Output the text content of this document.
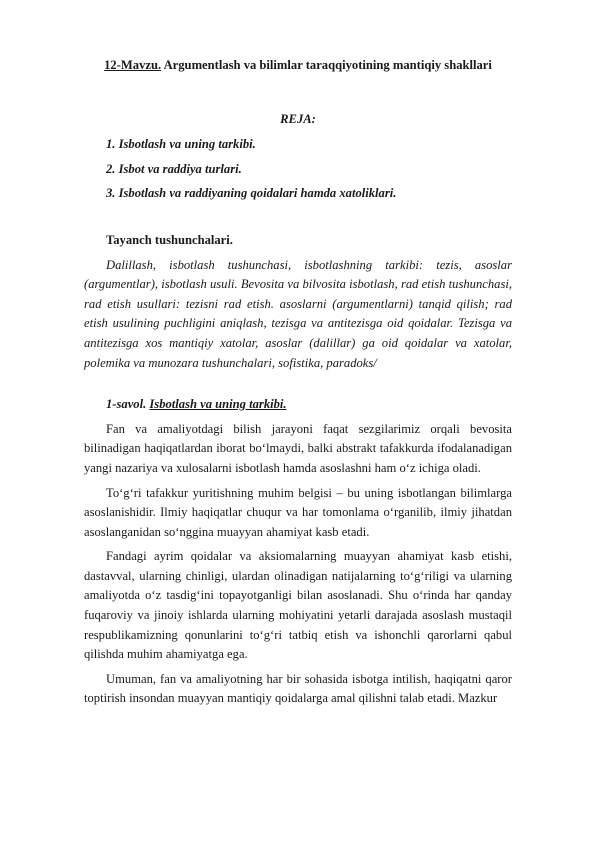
12-Mavzu. Argumentlash va bilimlar taraqqiyotining mantiqiy shakllari

REJA:

1. Isbotlash va uning tarkibi.

2. Isbot va raddiya turlari.

3. Isbotlash va raddiyaning qoidalari hamda xatoliklari.

Tayanch tushunchalari.

Dalillash, isbotlash tushunchasi, isbotlashning tarkibi: tezis, asoslar (argumentlar), isbotlash usuli. Bevosita va bilvosita isbotlash, rad etish tushunchasi, rad etish usullari: tezisni rad etish. asoslarni (argumentlarni) tanqid qilish; rad etish usulining puchligini aniqlash, tezisga va antitezisga oid qoidalar. Tezisga va antitezisga xos mantiqiy xatolar, asoslar (dalillar) ga oid qoidalar va xatolar, polemika va munozara tushunchalari, sofistika, paradoks/

1-savol. Isbotlash va uning tarkibi.

Fan va amaliyotdagi bilish jarayoni faqat sezgilarimiz orqali bevosita bilinadigan haqiqatlardan iborat bo‘lmaydi, balki abstrakt tafakkurda ifodalanadigan yangi nazariya va xulosalarni isbotlash hamda asoslashni ham o‘z ichiga oladi.

To‘g‘ri tafakkur yuritishning muhim belgisi – bu uning isbotlangan bilimlarga asoslanishidir. Ilmiy haqiqatlar chuqur va har tomonlama o‘rganilib, ilmiy jihatdan asoslanganidan so‘nggina muayyan ahamiyat kasb etadi.

Fandagi ayrim qoidalar va aksiomalarning muayyan ahamiyat kasb etishi, dastavval, ularning chinligi, ulardan olinadigan natijalarning to‘g‘riligi va ularning amaliyotda o‘z tasdig‘ini topayotganligi bilan asoslanadi. Shu o‘rinda har qanday fuqaroviy va jinoiy ishlarda ularning mohiyatini yetarli darajada asoslash mustaqil respublikamizning qonunlarini to‘g‘ri tatbiq etish va ishonchli qarorlarni qabul qilishda muhim ahamiyatga ega.

Umuman, fan va amaliyotning har bir sohasida isbotga intilish, haqiqatni qaror toptirish insondan muayyan mantiqiy qoidalarga amal qilishni talab etadi. Mazkur
